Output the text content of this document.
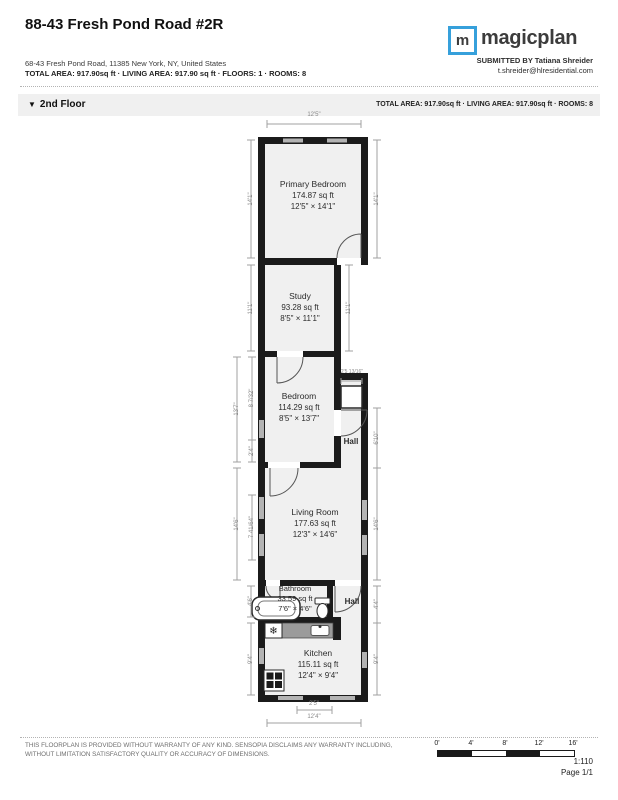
88-43 Fresh Pond Road #2R
m magicplan
68-43 Fresh Pond Road, 11385 New York, NY, United States
TOTAL AREA: 917.90sq ft · LIVING AREA: 917.90 sq ft · FLOORS: 1 · ROOMS: 8
SUBMITTED BY Tatiana Shreider
t.shreider@hlresidential.com
▼ 2nd Floor	TOTAL AREA: 917.90sq ft · LIVING AREA: 917.90sq ft · ROOMS: 8
❄
Primary Bedroom
174.87 sq ft
12'5" × 14'1"
Study
93.28 sq ft
8'5" × 11'1"
Bedroom
114.29 sq ft
8'5" × 13'7"
Hall
Living Room
177.63 sq ft
12'3" × 14'6"
Bathroom
33.59 sq ft
7'6" × 4'6"
Hall
Kitchen
115.11 sq ft
12'4" × 9'4"
12'5"
14'1"	14'1"
11'1"	11'1"
13'7"
8 7/32"
2'4"
2'5 13/16"
6'10"
14'6"	7 41/64"	14'6"
4'6"	4'4"
9'4"	9'4"
2'5"
12'4"
THIS FLOORPLAN IS PROVIDED WITHOUT WARRANTY OF ANY KIND. SENSOPIA DISCLAIMS ANY WARRANTY INCLUDING,
WITHOUT LIMITATION SATISFACTORY QUALITY OR ACCURACY OF DIMENSIONS.
0'	4'	8'	12'	16'
1:110
Page 1/1
